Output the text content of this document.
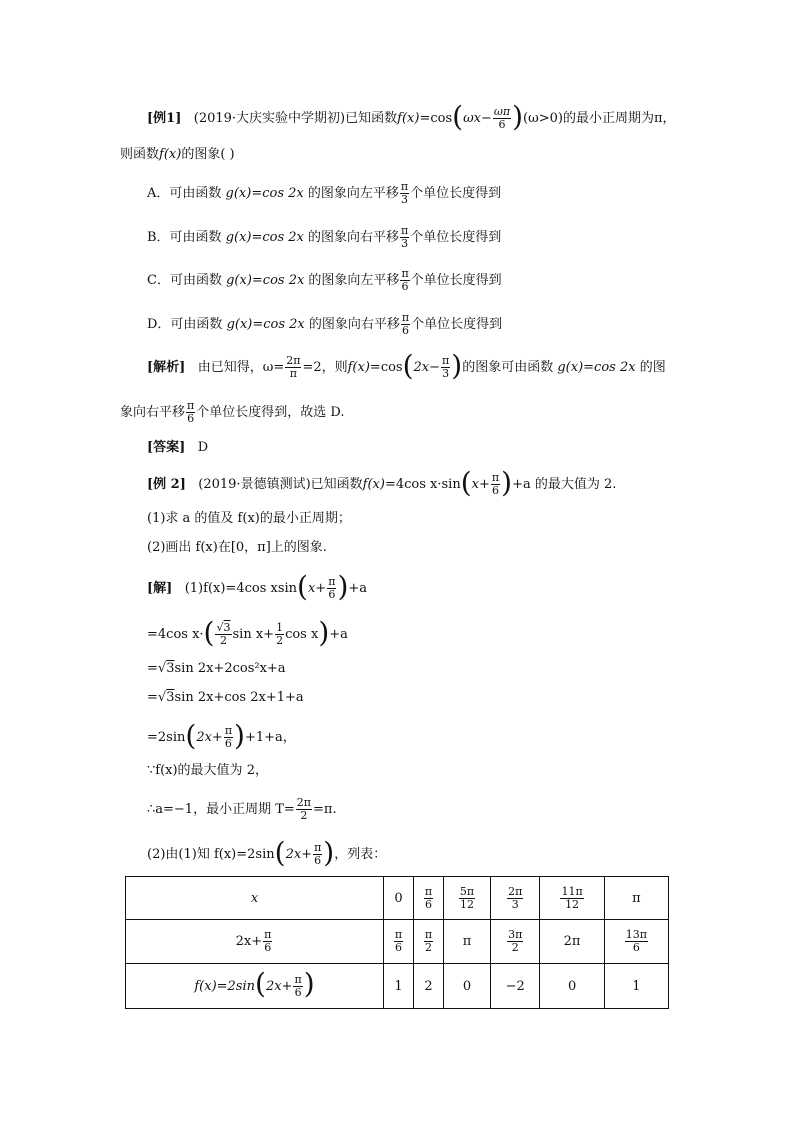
[例1] (2019·大庆实验中学期初)已知函数$f(x)=\cos(\omega x- \frac{\omega\pi}{6} )(\omega>0)$的最小正周期为π，
则函数f(x)的图象( )
A．可由函数 g(x)=cos 2x 的图象向左平移 $\frac{\pi}{3}$ 个单位长度得到
B．可由函数 g(x)=cos 2x 的图象向右平移 $\frac{\pi}{3}$ 个单位长度得到
C．可由函数 g(x)=cos 2x 的图象向左平移 $\frac{\pi}{6}$ 个单位长度得到
D．可由函数 g(x)=cos 2x 的图象向右平移 $\frac{\pi}{6}$ 个单位长度得到
[解析] 由已知得，$\omega= \frac{2\pi}{\pi} =2$，则$f(x)=\cos(2x- \frac{\pi}{3}$ )的图象可由函数 g(x)=cos 2x 的图
象向右平移 $\frac{\pi}{6}$ 个单位长度得到，故选 D.
[答案] D
[例 2] (2019·景德镇测试)已知函数f(x)=4cos $x\cdot\sin(x+ \frac{\pi}{6} )+a$ 的最大值为 2.
(1)求 a 的值及 f(x)的最小正周期；
(2)画出 f(x)在[0，π]上的图象.
[解] (1)f(x)=4cos $xsin(x+ \frac{\pi}{6} )+a$
=4cos $x\cdot( \frac{√3}{2}$ $\sin x+ \frac{1}{2}$ cos x)+a
=√3sin 2x+2cos²x+a
=√3sin 2x+cos 2x+1+a
$=2\sin(2x+ \frac{\pi}{6} )+1+a$，
∵f(x)的最大值为 2，
∴a=−1，最小正周期 $T= \frac{2\pi}{2} =\pi$.
(2)由(1)知 $f(x)=2\sin(2x+ \frac{\pi}{6}$ )，列表：
x	0	$\frac{\pi}{6}$	$\frac{5\pi}{12}$	$\frac{2\pi}{3}$	$\frac{11\pi}{12}$	π
$2x+ \frac{\pi}{6}$	$\frac{\pi}{6}$	$\frac{\pi}{2}$	π	$\frac{3\pi}{2}$	2π	$\frac{13\pi}{6}$

$f(x)=2\sin(2x+ \frac{\pi}{6}$ )	1	2	0	−2	0	1
